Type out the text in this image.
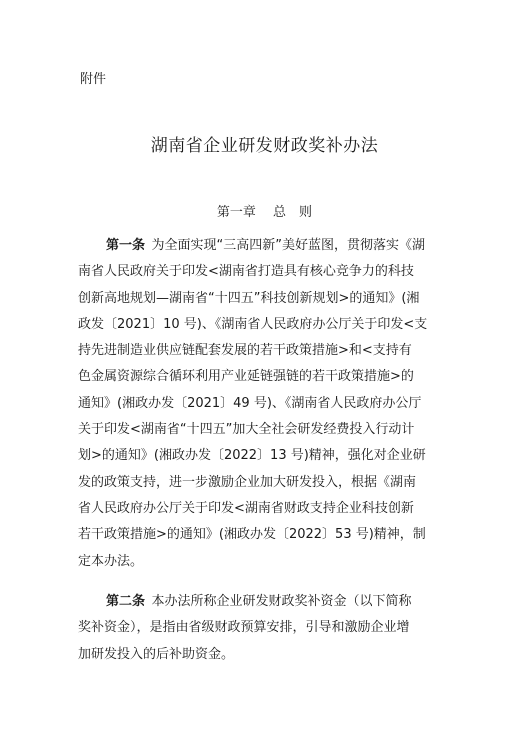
附件
湖南省企业研发财政奖补办法
第一章　 总　则
第一条  为全面实现“三高四新”美好蓝图，贯彻落实《湖
南省人民政府关于印发<湖南省打造具有核心竞争力的科技
创新高地规划—湖南省“十四五”科技创新规划>的通知》(湘
政发〔2021〕10 号)、《湖南省人民政府办公厅关于印发<支
持先进制造业供应链配套发展的若干政策措施>和<支持有
色金属资源综合循环利用产业延链强链的若干政策措施>的
通知》(湘政办发〔2021〕49 号)、《湖南省人民政府办公厅
关于印发<湖南省“十四五”加大全社会研发经费投入行动计
划>的通知》(湘政办发〔2022〕13 号)精神，强化对企业研
发的政策支持，进一步激励企业加大研发投入，根据《湖南
省人民政府办公厅关于印发<湖南省财政支持企业科技创新
若干政策措施>的通知》(湘政办发〔2022〕53 号)精神，制
定本办法。
第二条  本办法所称企业研发财政奖补资金（以下简称
奖补资金），是指由省级财政预算安排，引导和激励企业增
加研发投入的后补助资金。
